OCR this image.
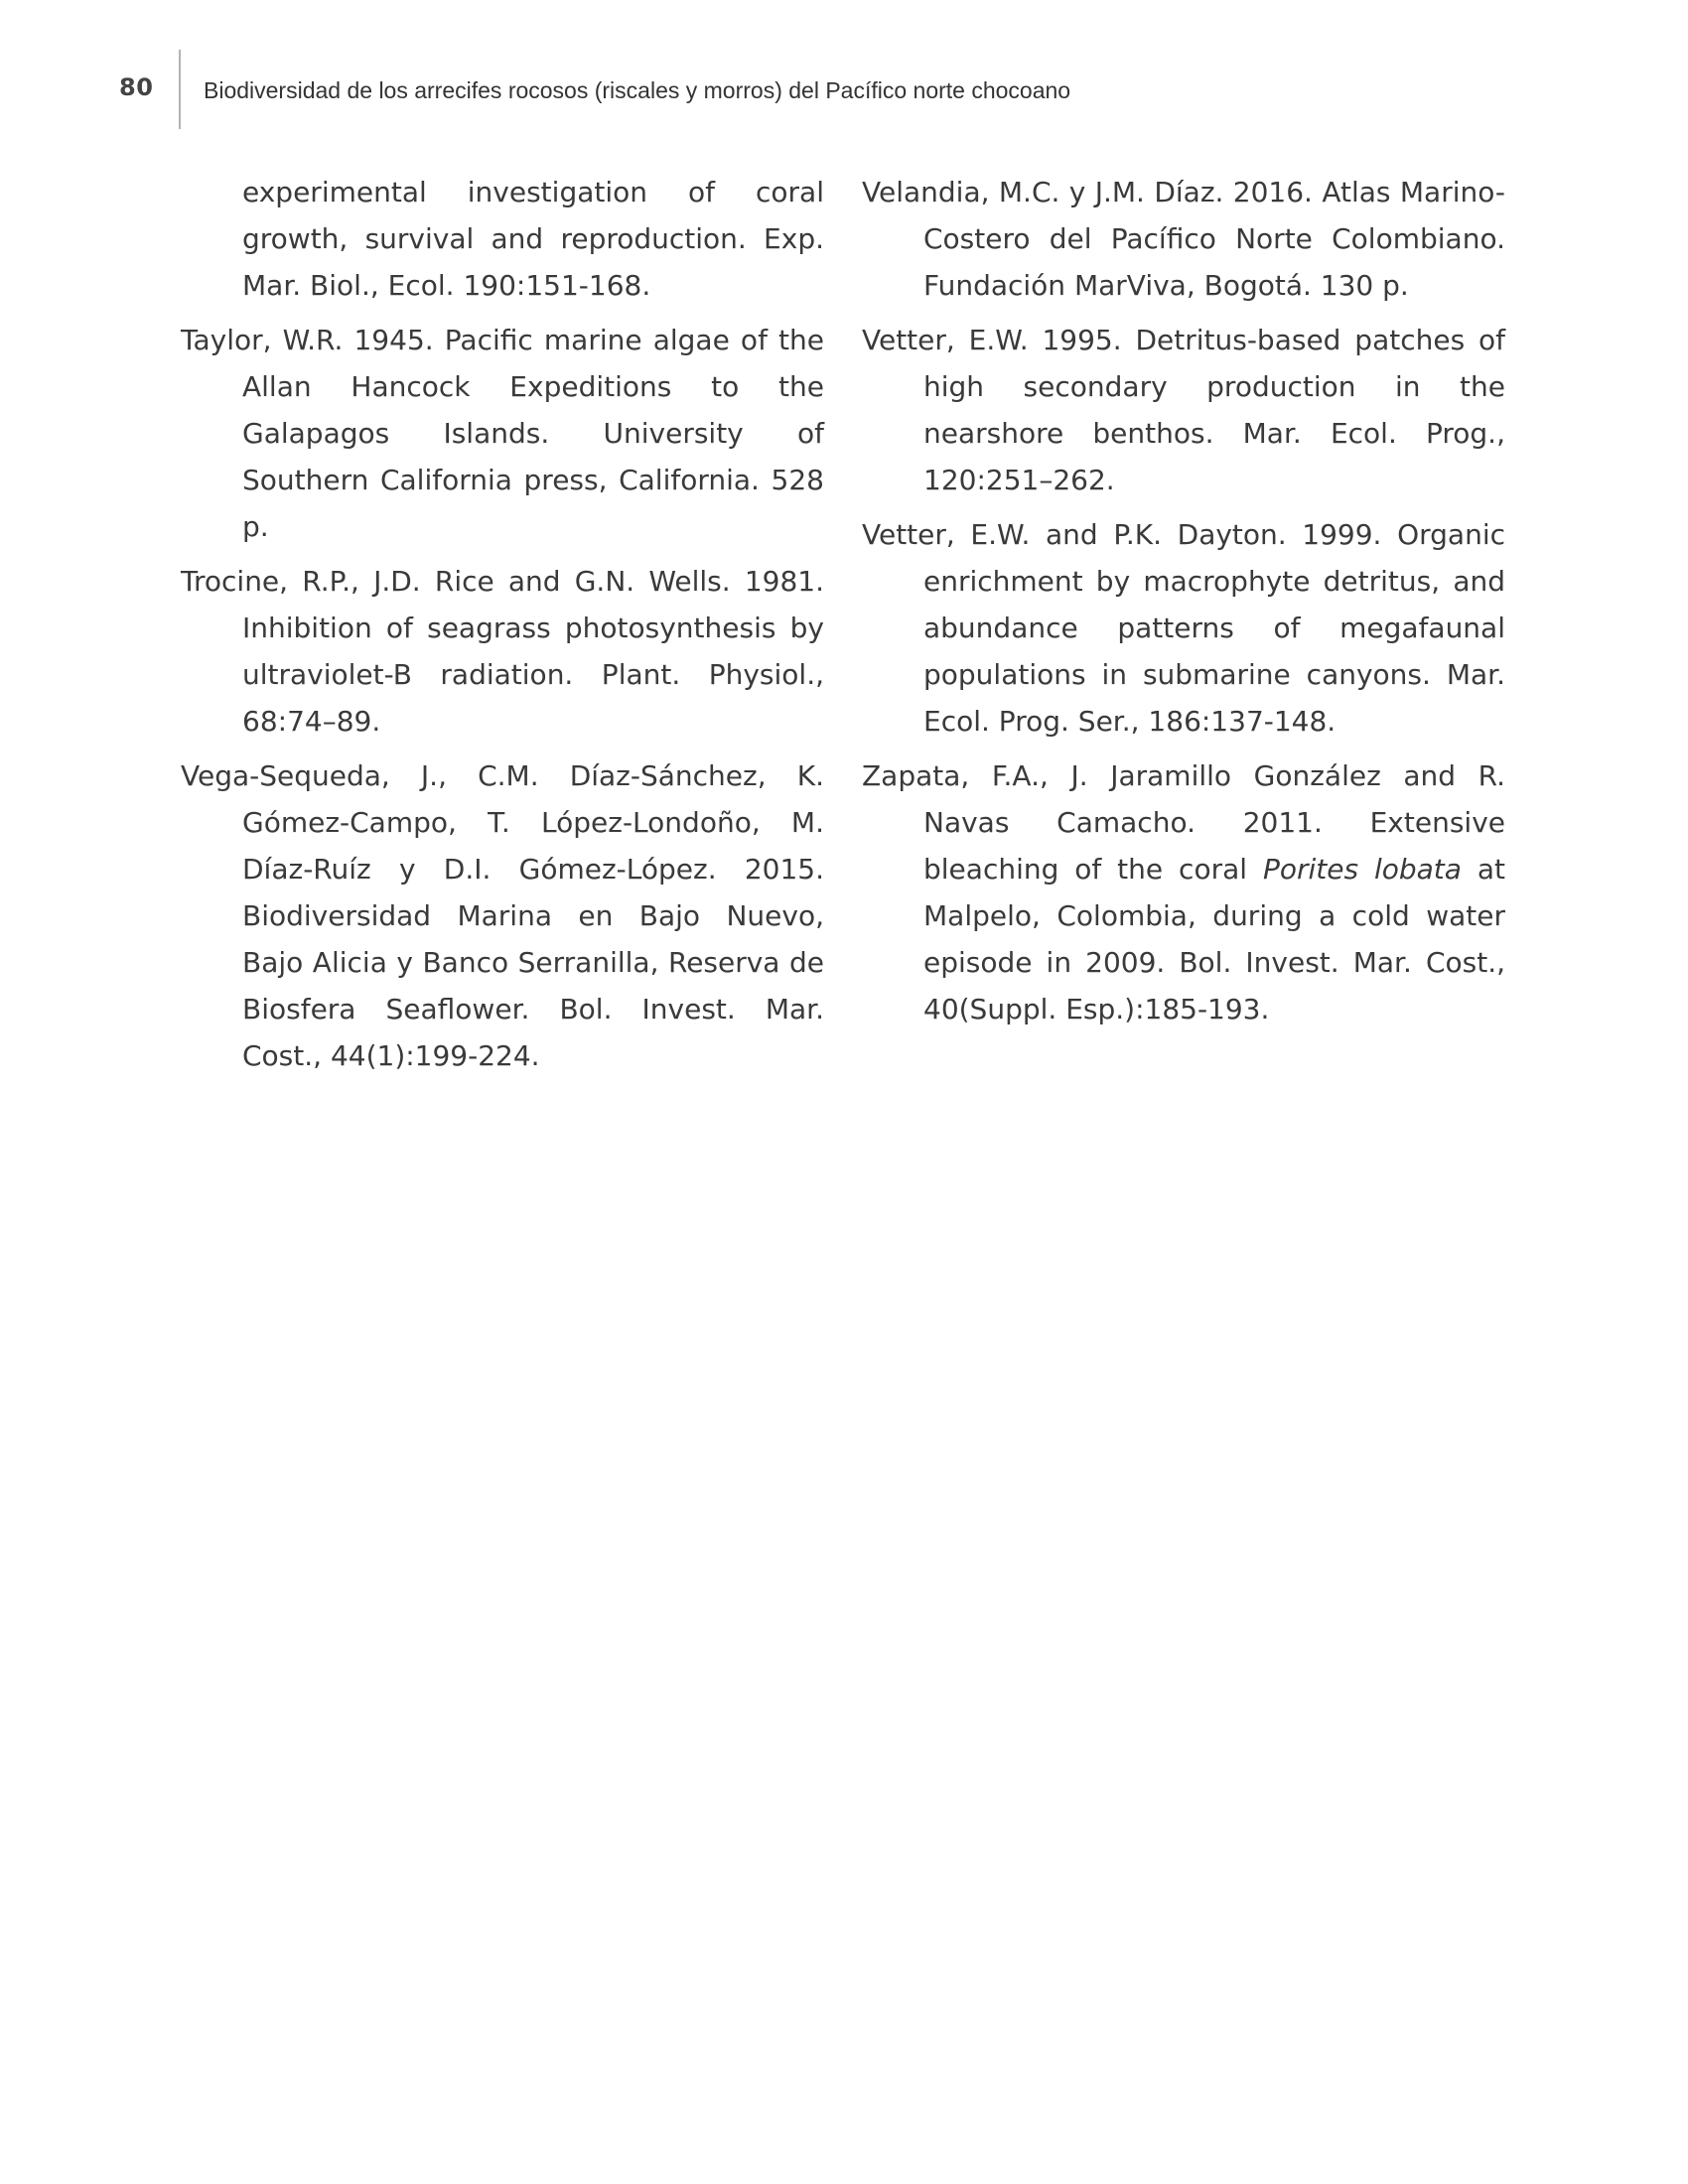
80 Biodiversidad de los arrecifes rocosos (riscales y morros) del Pacífico norte chocoano

experimental investigation of coral growth, survival and reproduction. Exp. Mar. Biol., Ecol. 190:151-168.

Taylor, W.R. 1945. Pacific marine algae of the Allan Hancock Expeditions to the Galapagos Islands. University of Southern California press, California. 528 p.

Trocine, R.P., J.D. Rice and G.N. Wells. 1981. Inhibition of seagrass photosynthesis by ultraviolet-B radiation. Plant. Physiol., 68:74–89.

Vega-Sequeda, J., C.M. Díaz-Sánchez, K. Gómez-Campo, T. López-Londoño, M. Díaz-Ruíz y D.I. Gómez-López. 2015. Biodiversidad Marina en Bajo Nuevo, Bajo Alicia y Banco Serranilla, Reserva de Biosfera Seaflower. Bol. Invest. Mar. Cost., 44(1):199-224.

Velandia, M.C. y J.M. Díaz. 2016. Atlas Marino-Costero del Pacífico Norte Colombiano. Fundación MarViva, Bogotá. 130 p.

Vetter, E.W. 1995. Detritus-based patches of high secondary production in the nearshore benthos. Mar. Ecol. Prog., 120:251–262.

Vetter, E.W. and P.K. Dayton. 1999. Organic enrichment by macrophyte detritus, and abundance patterns of megafaunal populations in submarine canyons. Mar. Ecol. Prog. Ser., 186:137-148.

Zapata, F.A., J. Jaramillo González and R. Navas Camacho. 2011. Extensive bleaching of the coral Porites lobata at Malpelo, Colombia, during a cold water episode in 2009. Bol. Invest. Mar. Cost., 40(Suppl. Esp.):185-193.
